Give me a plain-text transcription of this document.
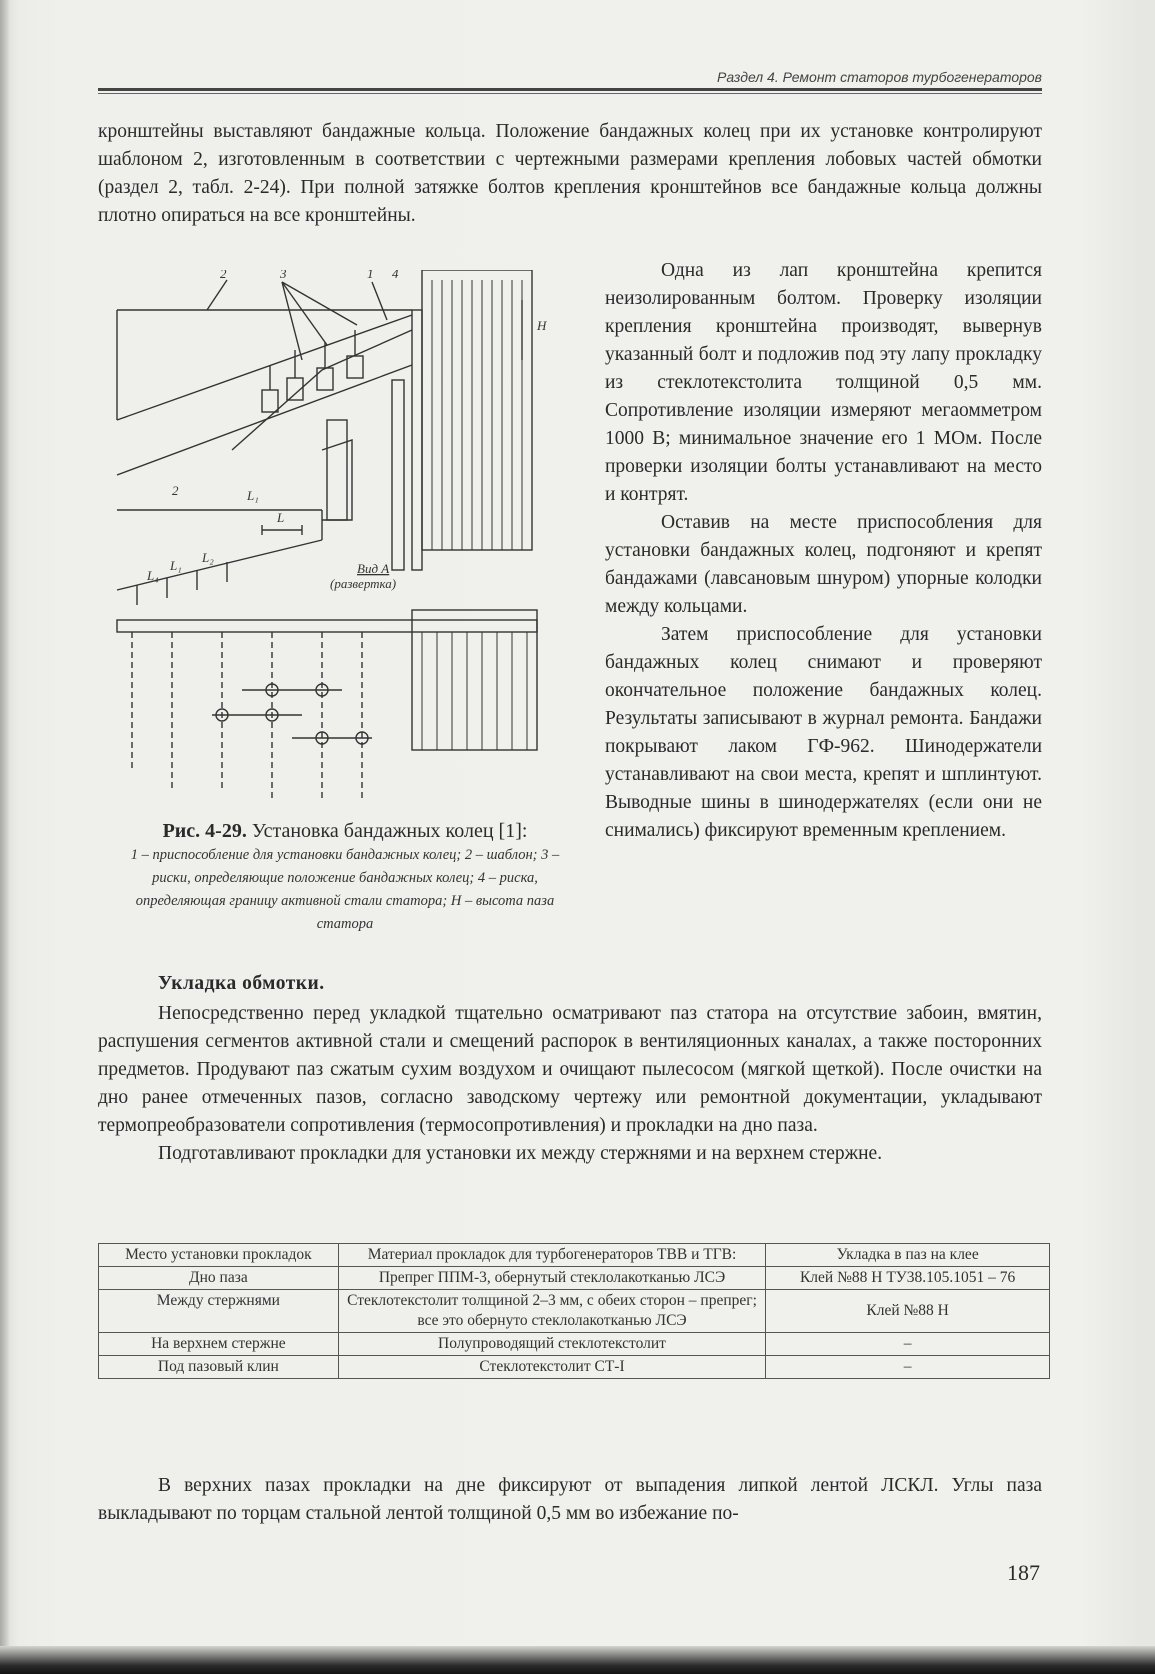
Раздел 4. Ремонт статоров турбогенераторов

кронштейны выставляют бандажные кольца. Положение бандажных колец при их установке контролируют шаблоном 2, изготовленным в соответствии с чертежными размерами крепления лобовых частей обмотки (раздел 2, табл. 2-24). При полной затяжке болтов крепления кронштейнов все бандажные кольца должны плотно опираться на все кронштейны.

2	3	1 4
2
H
L₁
L
L₁
L₂
L₄	Вид А
(развертка)
Рис. 4-29. Установка бандажных колец [1]:
1 – приспособление для установки бандажных колец; 2 – шаблон; 3 – риски, определяющие положение бандажных колец; 4 – риска, определяющая границу активной стали статора; H – высота паза статора

Одна из лап кронштейна крепится неизолированным болтом. Проверку изоляции крепления кронштейна производят, вывернув указанный болт и подложив под эту лапу прокладку из стеклотекстолита толщиной 0,5 мм. Сопротивление изоляции измеряют мегаомметром 1000 В; минимальное значение его 1 МОм. После проверки изоляции болты устанавливают на место и контрят.

Оставив на месте приспособления для установки бандажных колец, подгоняют и крепят бандажами (лавсановым шнуром) упорные колодки между кольцами.

Затем приспособление для установки бандажных колец снимают и проверяют окончательное положение бандажных колец. Результаты записывают в журнал ремонта. Бандажи покрывают лаком ГФ-962. Шинодержатели устанавливают на свои места, крепят и шплинтуют. Выводные шины в шинодержателях (если они не снимались) фиксируют временным креплением.

Укладка обмотки.

Непосредственно перед укладкой тщательно осматривают паз статора на отсутствие забоин, вмятин, распушения сегментов активной стали и смещений распорок в вентиляционных каналах, а также посторонних предметов. Продувают паз сжатым сухим воздухом и очищают пылесосом (мягкой щеткой). После очистки на дно ранее отмеченных пазов, согласно заводскому чертежу или ремонтной документации, укладывают термопреобразователи сопротивления (термосопротивления) и прокладки на дно паза.

Подготавливают прокладки для установки их между стержнями и на верхнем стержне.

Место установки прокладок	Материал прокладок для турбогенераторов ТВВ и ТГВ:	Укладка в паз на клее
Дно паза	Препрег ППМ-3, обернутый стеклолакотканью ЛСЭ	Клей №88 Н ТУ38.105.1051 – 76
Между стержнями	Стеклотекстолит толщиной 2–3 мм, с обеих сторон – препрег; все это обернуто стеклолакотканью ЛСЭ	Клей №88 Н
На верхнем стержне	Полупроводящий стеклотекстолит	–
Под пазовый клин	Стеклотекстолит СТ-I	–

В верхних пазах прокладки на дне фиксируют от выпадения липкой лентой ЛСКЛ. Углы паза выкладывают по торцам стальной лентой толщиной 0,5 мм во избежание по-

187
